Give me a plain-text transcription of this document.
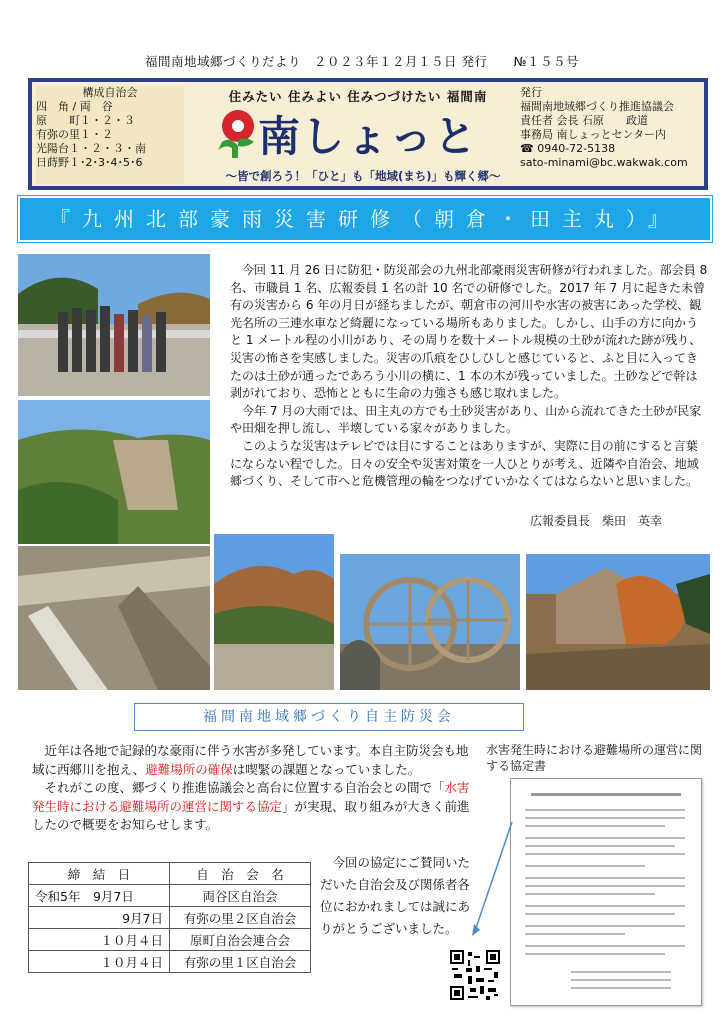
福間南地域郷づくりだより　２０２３年１２月１５日 発行　　№１５５号
構成自治会
四　角 / 両　谷
原　　町１・２・３
有弥の里１・２
光陽台１・２・３・南
日蒔野１･2･3･4･5･6
住みたい 住みよい 住みつづけたい 福間南
南しょっと
～皆で創ろう！「ひと」も「地域(まち)」も輝く郷～
発行
福間南地域郷づくり推進協議会
責任者 会長 石原　　政道
事務局 南しょっとセンター内
☎ 0940-72-5138
sato-minami@bc.wakwak.com
『九州北部豪雨災害研修（朝倉・田主丸）』

今回 11 月 26 日に防犯・防災部会の九州北部豪雨災害研修が行われました。部会員 8 名、市職員 1 名、広報委員 1 名の計 10 名での研修でした。2017 年 7 月に起きた未曾有の災害から 6 年の月日が経ちましたが、朝倉市の河川や水害の被害にあった学校、観光名所の三連水車など綺麗になっている場所もありました。しかし、山手の方に向かうと 1 メートル程の小川があり、その周りを数十メートル規模の土砂が流れた跡が残り、災害の怖さを実感しました。災害の爪痕をひしひしと感じていると、ふと目に入ってきたのは土砂が通ったであろう小川の横に、1 本の木が残っていました。土砂などで幹は剥がれており、恐怖とともに生命の力強さも感じ取れました。

今年 7 月の大雨では、田主丸の方でも土砂災害があり、山から流れてきた土砂が民家や田畑を押し流し、半壊している家々がありました。

このような災害はテレビでは目にすることはありますが、実際に目の前にすると言葉にならない程でした。日々の安全や災害対策を一人ひとりが考え、近隣や自治会、地域郷づくり、そして市へと危機管理の輪をつなげていかなくてはならないと思いました。

広報委員長　柴田　英幸
福間南地域郷づくり自主防災会

近年は各地で記録的な豪雨に伴う水害が多発しています。本自主防災会も地域に西郷川を抱え、避難場所の確保は喫緊の課題となっていました。

それがこの度、郷づくり推進協議会と高台に位置する自治会との間で「水害発生時における避難場所の運営に関する協定」が実現、取り組みが大きく前進したので概要をお知らせします。

水害発生時における避難場所の運営に関する協定書
締　結　日	自　治　会　名
令和5年　9月7日	両谷区自治会
9月7日	有弥の里２区自治会
１０月４日	原町自治会連合会
１０月４日	有弥の里１区自治会

今回の協定にご賛同いただいた自治会及び関係者各位におかれましては誠にありがとうございました。
